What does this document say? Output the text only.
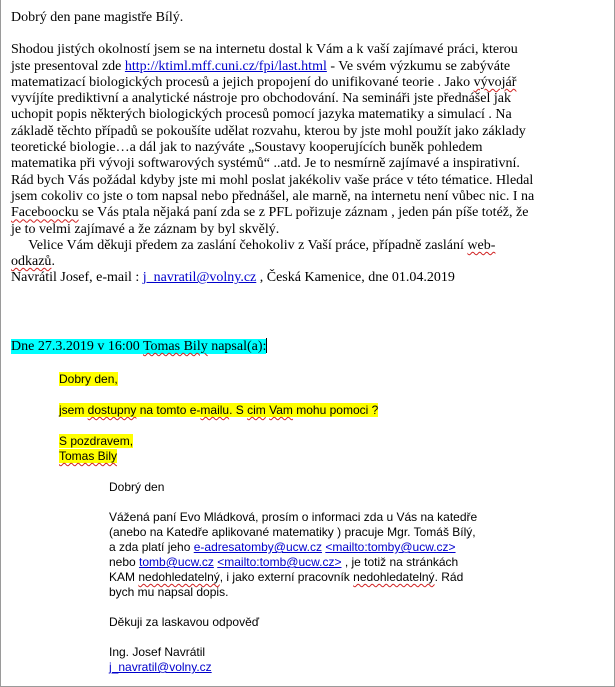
Dobrý den pane magistře Bílý.

Shodou jistých okolností jsem se na internetu dostal k Vám a k vaší zajímavé práci, kterou

jste presentoval zde http://ktiml.mff.cuni.cz/fpi/last.html - Ve svém výzkumu se zabýváte

matematizací biologických procesů a jejich propojení do unifikované teorie . Jako vývojář

vyvíjíte prediktivní a analytické nástroje pro obchodování. Na semináři jste přednášel jak

uchopit popis některých biologických procesů pomocí jazyka matematiky a simulací . Na

základě těchto případů se pokoušíte udělat rozvahu, kterou by jste mohl použít jako základy

teoretické biologie…a dál jak to nazýváte „Soustavy kooperujících buněk pohledem

matematika při vývoji softwarových systémů“ ..atd. Je to nesmírně zajímavé a inspirativní.

Rád bych Vás požádal kdyby jste mi mohl poslat jakékoliv vaše práce v této tématice. Hledal

jsem cokoliv co jste o tom napsal nebo přednášel, ale marně, na internetu není vůbec nic. I na

Faceboocku se Vás ptala nějaká paní zda se z PFL pořizuje záznam , jeden pán píše totéž, že

je to velmi zajímavé a že záznam by byl skvělý.

Velice Vám děkuji předem za zaslání čehokoliv z Vaší práce, případně zaslání web-

odkazů.

Navrátil Josef, e-mail : j_navratil@volny.cz , Česká Kamenice, dne 01.04.2019

Dne 27.3.2019 v 16:00 Tomas Bily napsal(a):

Dobry den,

jsem dostupny na tomto e-mailu. S cim Vam mohu pomoci ?

S pozdravem,

Tomas Bily

Dobrý den

Vážená paní Evo Mládková, prosím o informaci zda u Vás na katedře

(anebo na Katedře aplikované matematiky ) pracuje Mgr. Tomáš Bílý,

a zda platí jeho e-adresatomby@ucw.cz <mailto:tomby@ucw.cz>

nebo tomb@ucw.cz <mailto:tomb@ucw.cz> , je totiž na stránkách

KAM nedohledatelný, i jako externí pracovník nedohledatelný. Rád

bych mu napsal dopis.

Děkuji za laskavou odpověď

Ing. Josef Navrátil

j_navratil@volny.cz
